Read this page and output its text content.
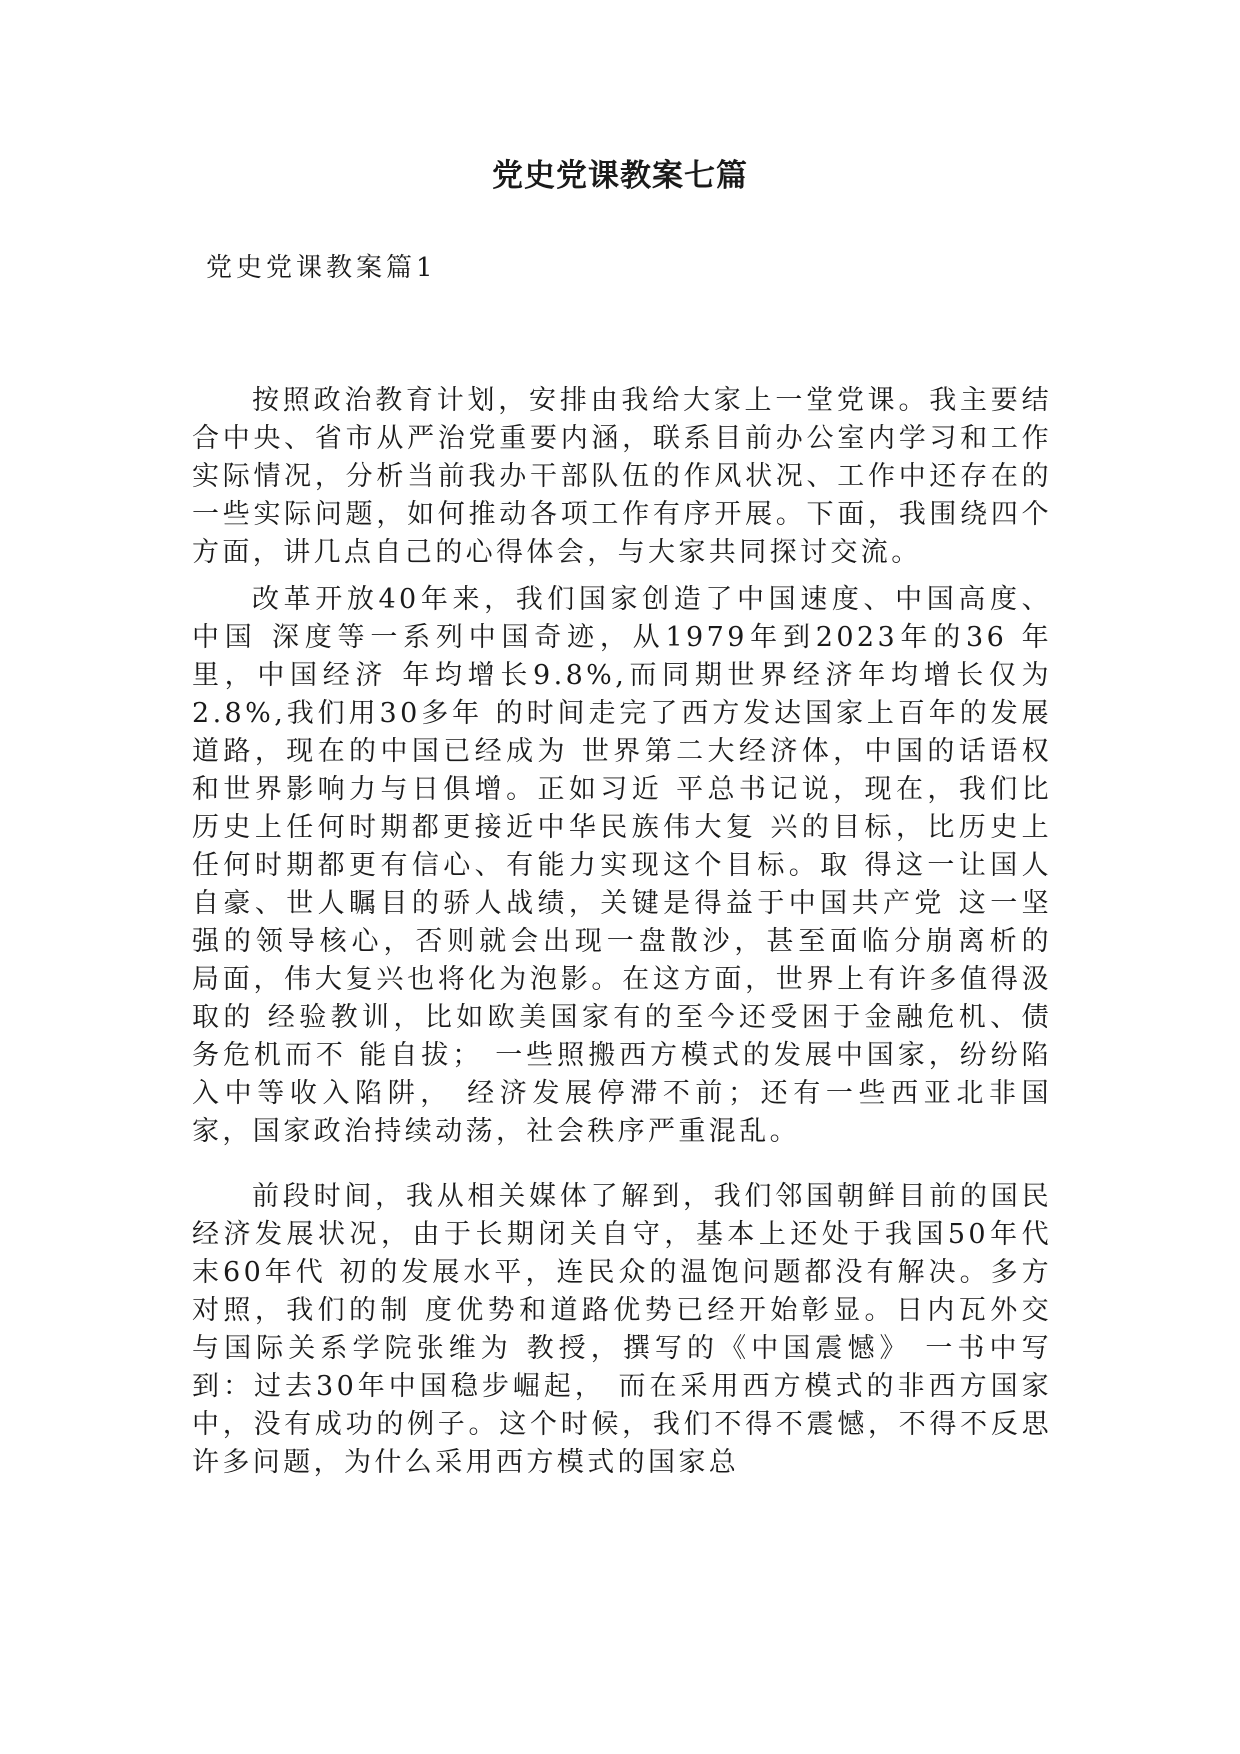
党史党课教案七篇
党史党课教案篇1

按照政治教育计划，安排由我给大家上一堂党课。我主要结合中央、省市从严治党重要内涵，联系目前办公室内学习和工作实际情况，分析当前我办干部队伍的作风状况、工作中还存在的一些实际问题，如何推动各项工作有序开展。下面，我围绕四个方面，讲几点自己的心得体会，与大家共同探讨交流。

改革开放40年来，我们国家创造了中国速度、中国高度、中国 深度等一系列中国奇迹，从1979年到2023年的36 年里，中国经济 年均增长9.8%,而同期世界经济年均增长仅为2.8%,我们用30多年 的时间走完了西方发达国家上百年的发展道路，现在的中国已经成为 世界第二大经济体，中国的话语权和世界影响力与日俱增。正如习近 平总书记说，现在，我们比历史上任何时期都更接近中华民族伟大复 兴的目标，比历史上任何时期都更有信心、有能力实现这个目标。取 得这一让国人自豪、世人瞩目的骄人战绩，关键是得益于中国共产党 这一坚强的领导核心，否则就会出现一盘散沙，甚至面临分崩离析的 局面，伟大复兴也将化为泡影。在这方面，世界上有许多值得汲取的 经验教训，比如欧美国家有的至今还受困于金融危机、债务危机而不 能自拔； 一些照搬西方模式的发展中国家，纷纷陷入中等收入陷阱， 经济发展停滞不前；还有一些西亚北非国家，国家政治持续动荡，社会秩序严重混乱。

前段时间，我从相关媒体了解到，我们邻国朝鲜目前的国民经济发展状况，由于长期闭关自守，基本上还处于我国50年代末60年代 初的发展水平，连民众的温饱问题都没有解决。多方对照，我们的制 度优势和道路优势已经开始彰显。日内瓦外交与国际关系学院张维为 教授，撰写的《中国震憾》 一书中写到：过去30年中国稳步崛起， 而在采用西方模式的非西方国家中，没有成功的例子。这个时候，我们不得不震憾，不得不反思许多问题，为什么采用西方模式的国家总
